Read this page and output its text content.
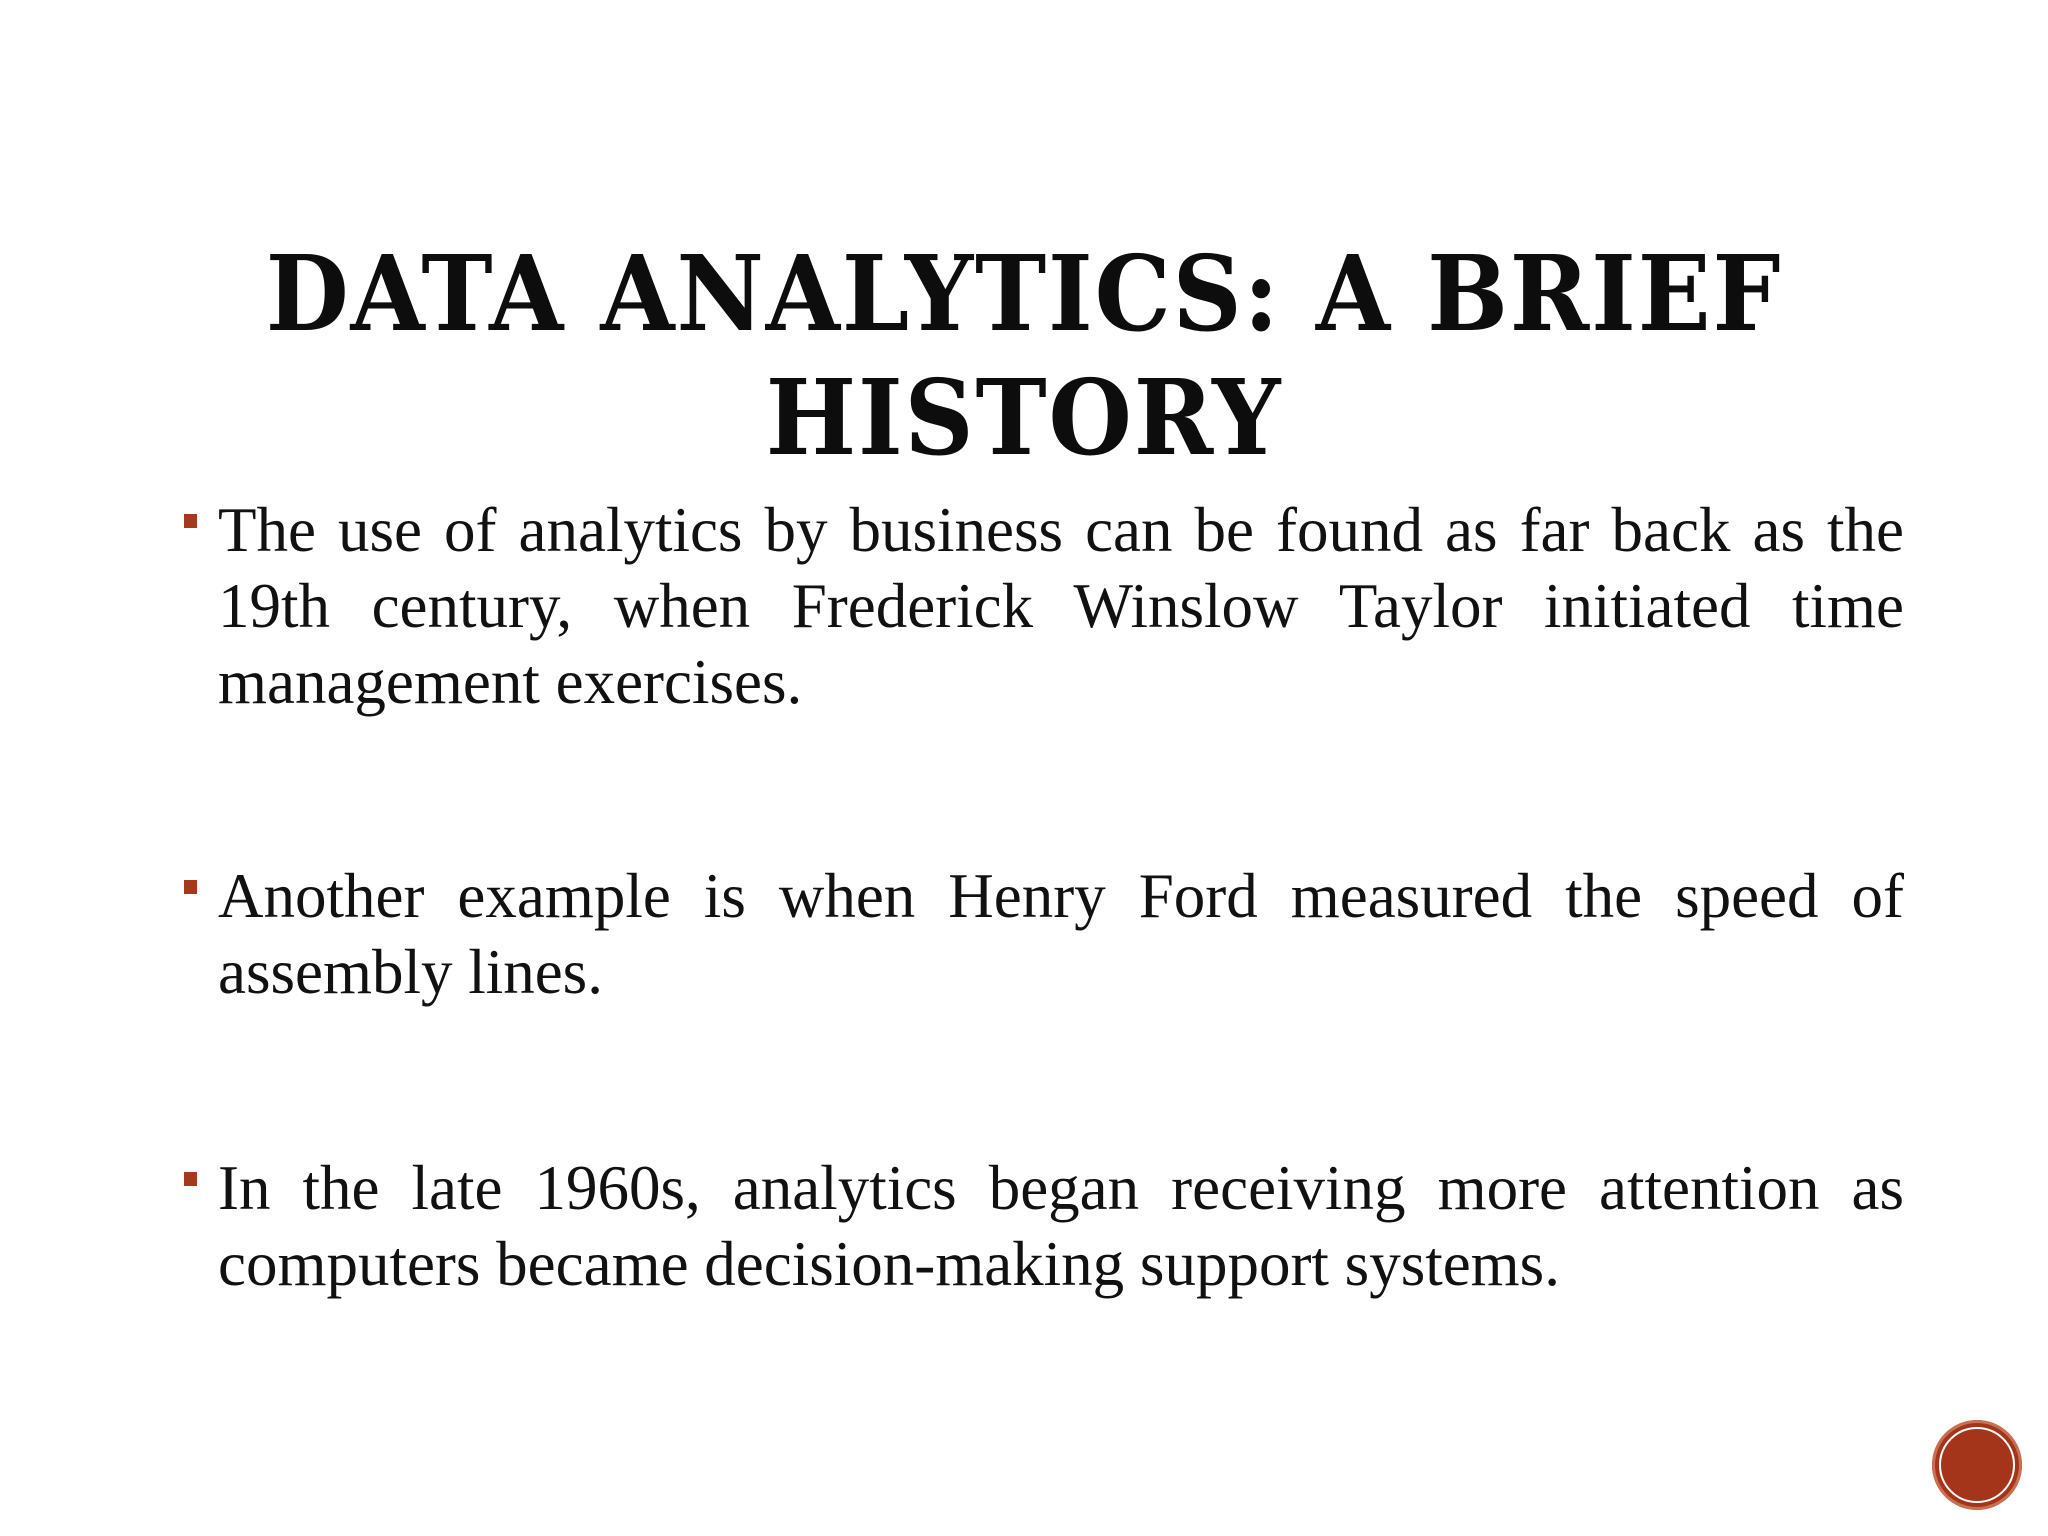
DATA ANALYTICS: A BRIEF HISTORY
The use of analytics by business can be found as far back as the 19th century, when Frederick Winslow Taylor initiated time management exercises.
Another example is when Henry Ford measured the speed of assembly lines.
In the late 1960s, analytics began receiving more attention as computers became decision-making support systems.
